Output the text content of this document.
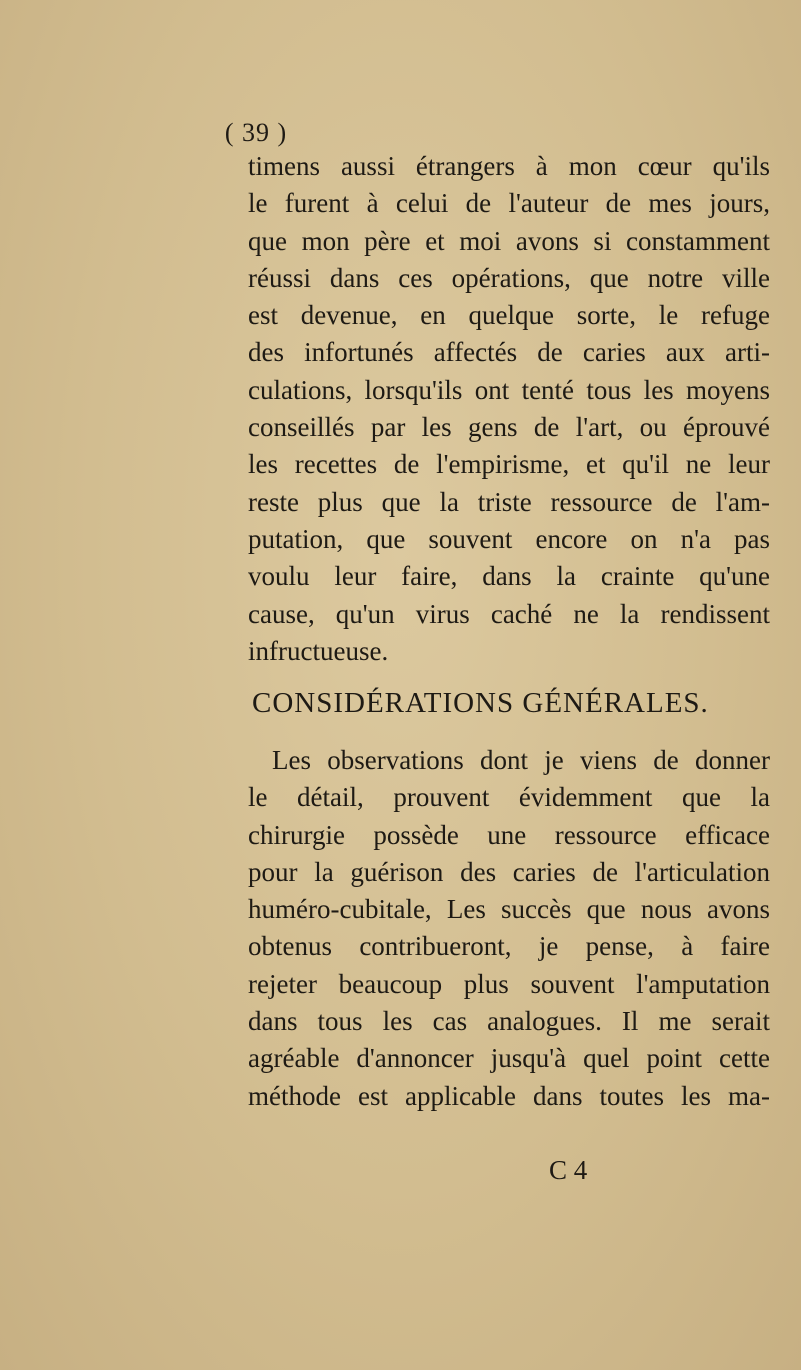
( 39 )
timens aussi étrangers à mon cœur qu'ils
le furent à celui de l'auteur de mes jours,
que mon père et moi avons si constamment
réussi dans ces opérations, que notre ville
est devenue, en quelque sorte, le refuge
des infortunés affectés de caries aux arti-
culations, lorsqu'ils ont tenté tous les moyens
conseillés par les gens de l'art, ou éprouvé
les recettes de l'empirisme, et qu'il ne leur
reste plus que la triste ressource de l'am-
putation, que souvent encore on n'a pas
voulu leur faire, dans la crainte qu'une
cause, qu'un virus caché ne la rendissent
infructueuse.
CONSIDÉRATIONS GÉNÉRALES.
Les observations dont je viens de donner
le détail, prouvent évidemment que la
chirurgie possède une ressource efficace
pour la guérison des caries de l'articulation
huméro-cubitale, Les succès que nous avons
obtenus contribueront, je pense, à faire
rejeter beaucoup plus souvent l'amputation
dans tous les cas analogues. Il me serait
agréable d'annoncer jusqu'à quel point cette
méthode est applicable dans toutes les ma-
C 4
